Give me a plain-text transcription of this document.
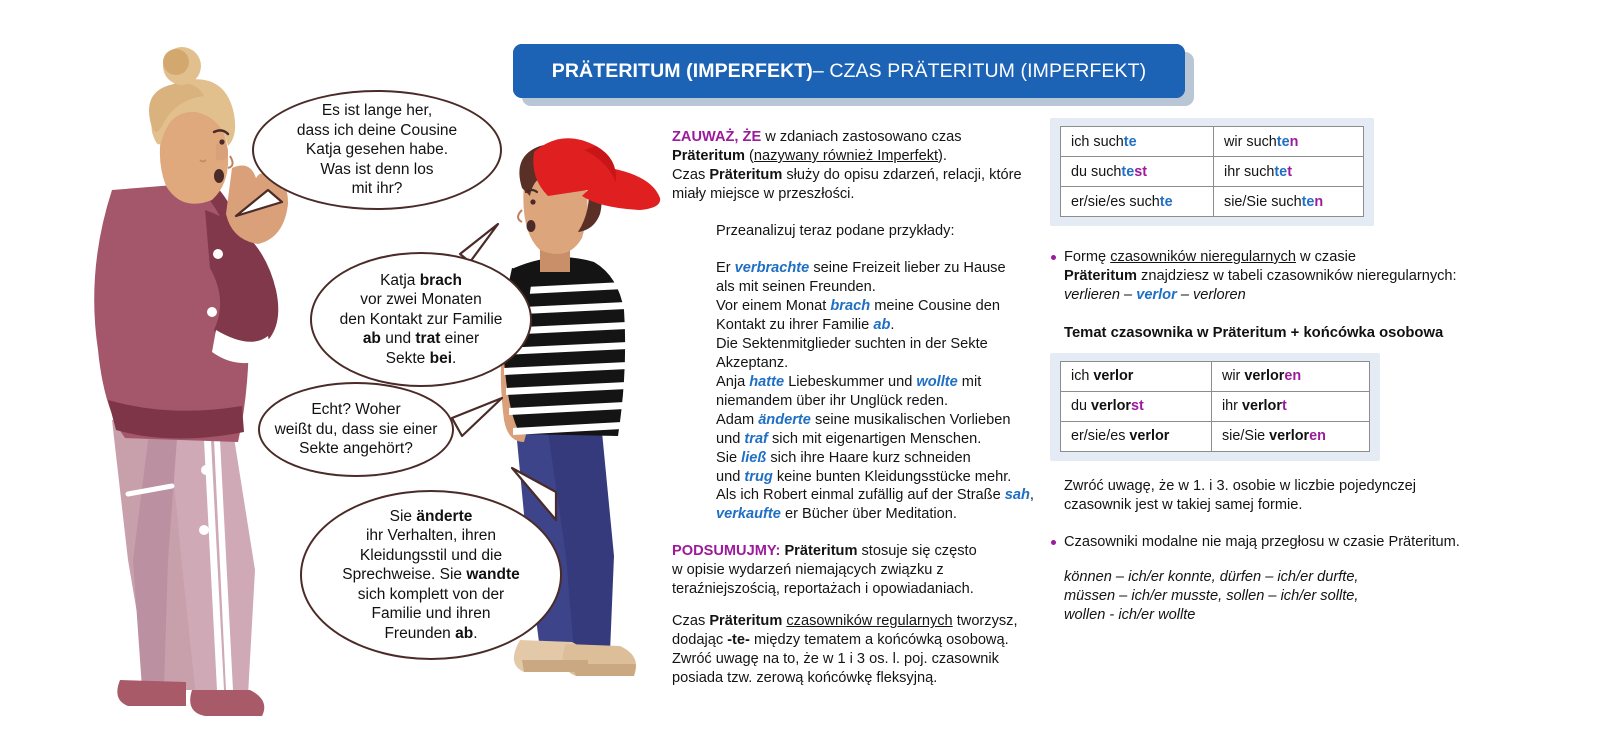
PRÄTERITUM (IMPERFEKT) – CZAS PRÄTERITUM (IMPERFEKT)
Es ist lange her,
dass ich deine Cousine
Katja gesehen habe.
Was ist denn los
mit ihr?
Katja brach
vor zwei Monaten
den Kontakt zur Familie
ab und trat einer
Sekte bei.
Echt? Woher
weißt du, dass sie einer
Sekte angehört?
Sie änderte
ihr Verhalten, ihren
Kleidungsstil und die
Sprechweise. Sie wandte
sich komplett von der
Familie und ihren
Freunden ab.

ZAUWAŻ, ŻE w zdaniach zastosowano czas
Präteritum (nazywany również Imperfekt).
Czas Präteritum służy do opisu zdarzeń, relacji, które
miały miejsce w przeszłości.

Przeanalizuj teraz podane przykłady:

Er verbrachte seine Freizeit lieber zu Hause
als mit seinen Freunden.

Vor einem Monat brach meine Cousine den
Kontakt zu ihrer Familie ab.

Die Sektenmitglieder suchten in der Sekte
Akzeptanz.

Anja hatte Liebeskummer und wollte mit
niemandem über ihr Unglück reden.

Adam änderte seine musikalischen Vorlieben
und traf sich mit eigenartigen Menschen.

Sie ließ sich ihre Haare kurz schneiden
und trug keine bunten Kleidungsstücke mehr.

Als ich Robert einmal zufällig auf der Straße sah,
verkaufte er Bücher über Meditation.

PODSUMUJMY: Präteritum stosuje się często
w opisie wydarzeń niemających związku z
teraźniejszością, reportażach i opowiadaniach.

Czas Präteritum czasowników regularnych tworzysz,
dodając -te- między tematem a końcówką osobową.
Zwróć uwagę na to, że w 1 i 3 os. l. poj. czasownik
posiada tzw. zerową końcówkę fleksyjną.

ich suchte	wir suchten
du suchtest	ihr suchtet
er/sie/es suchte	sie/Sie suchten
Formę czasowników nieregularnych w czasie
Präteritum znajdziesz w tabeli czasowników nieregularnych:
verlieren – verlor – verloren
Temat czasownika w Präteritum + końcówka osobowa
ich verlor	wir verloren
du verlorst	ihr verlort
er/sie/es verlor	sie/Sie verloren
Zwróć uwagę, że w 1. i 3. osobie w liczbie pojedynczej
czasownik jest w takiej samej formie.
Czasowniki modalne nie mają przegłosu w czasie Präteritum.
können – ich/er konnte, dürfen – ich/er durfte,
müssen – ich/er musste, sollen – ich/er sollte,
wollen - ich/er wollte
